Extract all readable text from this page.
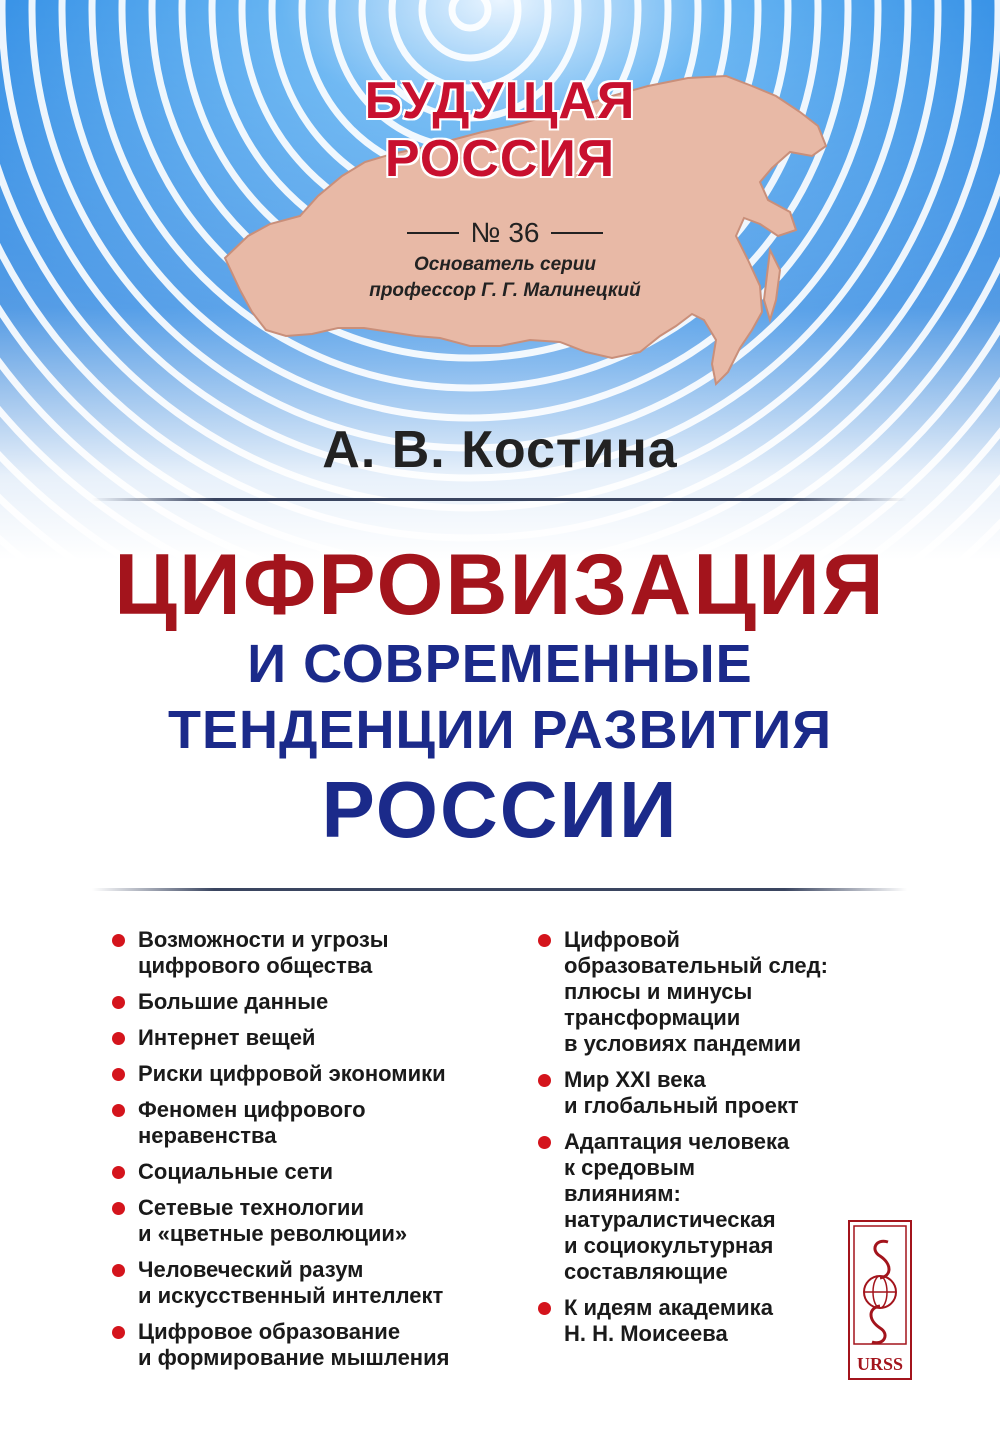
БУДУЩАЯ
РОССИЯ
№ 36
Основатель серии
профессор Г. Г. Малинецкий
А. В. Костина
ЦИФРОВИЗАЦИЯ
И СОВРЕМЕННЫЕ
ТЕНДЕНЦИИ РАЗВИТИЯ
РОССИИ
Возможности и угрозы
цифрового общества
Большие данные
Интернет вещей
Риски цифровой экономики
Феномен цифрового
неравенства
Социальные сети
Сетевые технологии
и «цветные революции»
Человеческий разум
и искусственный интеллект
Цифровое образование
и формирование мышления
Цифровой
образовательный след:
плюсы и минусы
трансформации
в условиях пандемии
Мир XXI века
и глобальный проект
Адаптация человека
к средовым
влияниям:
натуралистическая
и социокультурная
составляющие
К идеям академика
Н. Н. Моисеева
URSS
